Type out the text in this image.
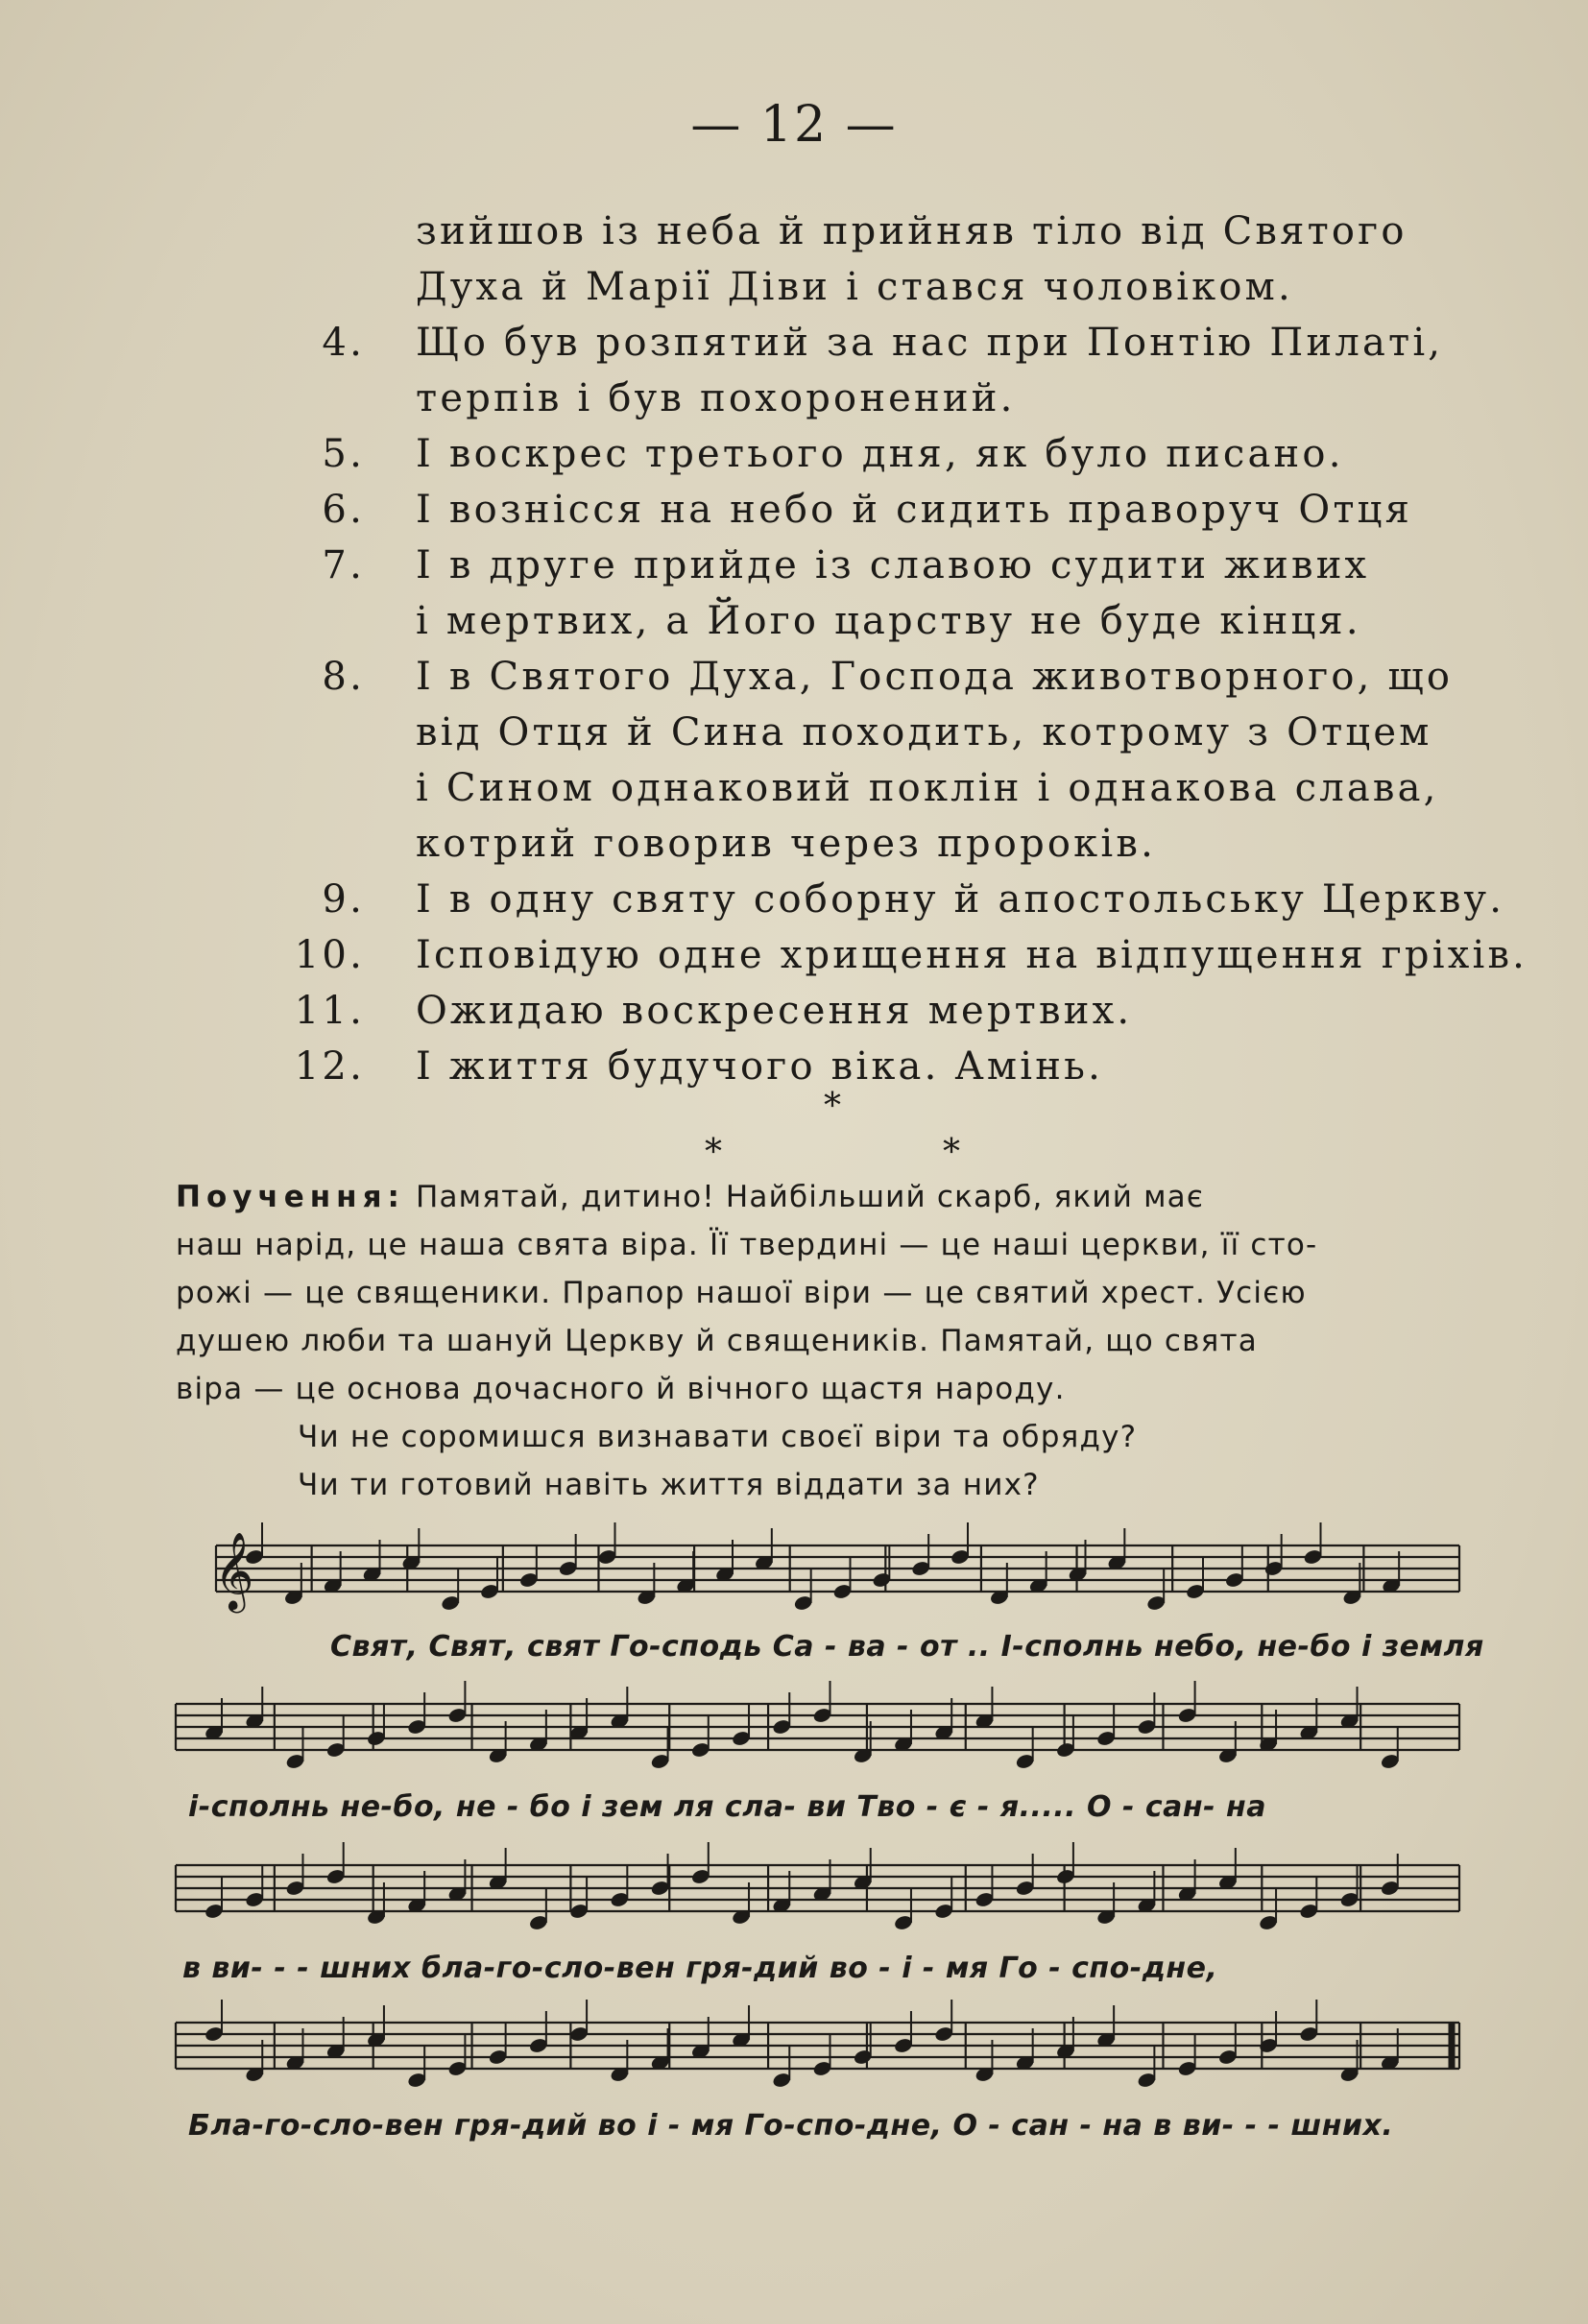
— 12 —
зийшов із неба й прийняв тіло від Святого
Духа й Марії Діви і стався чоловіком.
4. Що був розпятий за нас при Понтію Пилаті,
терпів і був похоронений.
5. І воскрес третього дня, як було писано.
6. І вознісся на небо й сидить праворуч Отця
7. І в друге прийде із славою судити живих
і мертвих, а Його царству не буде кінця.
8. І в Святого Духа, Господа животворного, що
від Отця й Сина походить, котрому з Отцем
і Сином однаковий поклін і однакова слава,
котрий говорив через пророків.
9. І в одну святу соборну й апостольську Церкву.
10. Ісповідую одне хрищення на відпущення гріхів.
11. Ожидаю воскресення мертвих.
12. І життя будучого віка. Амінь.
*
*	*
Поучення: Памятай, дитино! Найбільший скарб, який має
наш нарід, це наша свята віра. Її твердині — це наші церкви, її сто-
рожі — це священики. Прапор нашої віри — це святий хрест. Усією
душею люби та шануй Церкву й священиків. Памятай, що свята
віра — це основа дочасного й вічного щастя народу.
Чи не соромишся визнавати своєї віри та обряду?
Чи ти готовий навіть життя віддати за них?
𝄞
Свят, Свят, свят Го-сподь Са - ва - от .. І-сполнь небо, не-бо і земля
і-сполнь не-бо, не - бо і зем ля сла- ви Тво - є - я..... О - сан- на
в ви- - - шних бла-го-сло-вен гря-дий во - і - мя Го - спо-дне,
Бла-го-сло-вен гря-дий во і - мя Го-спо-дне, О - сан - на в ви- - - шних.
